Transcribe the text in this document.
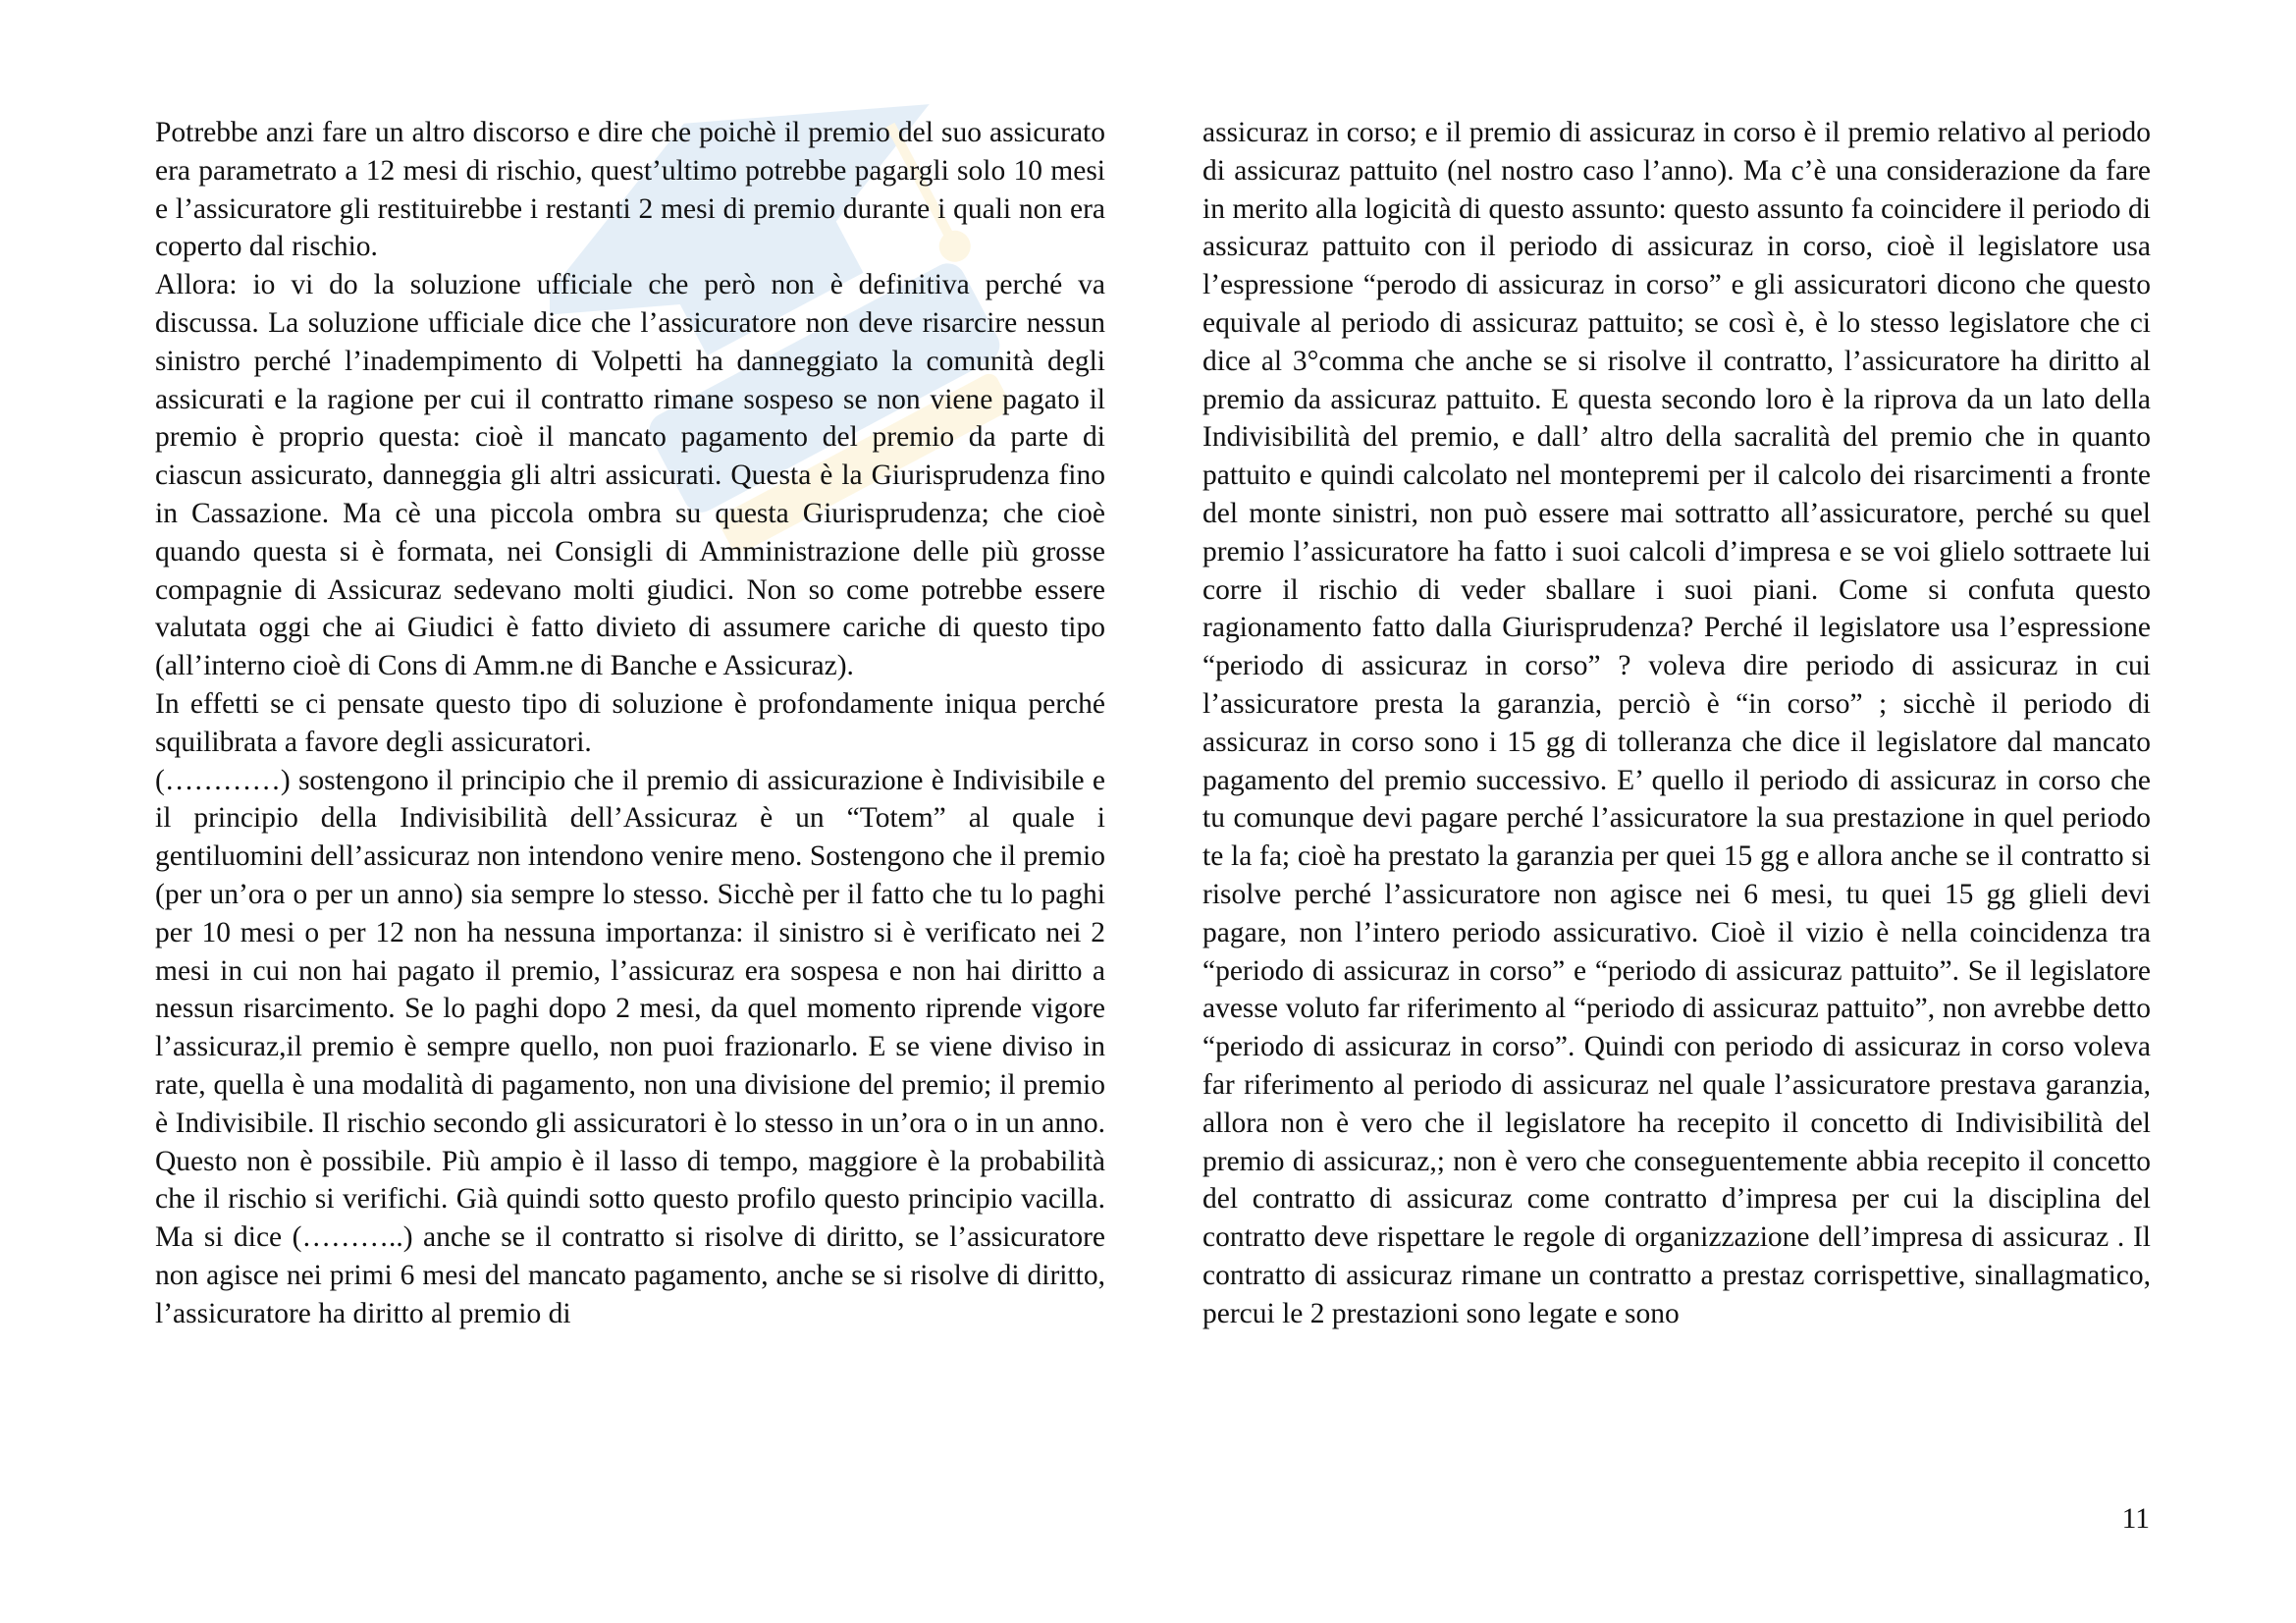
Potrebbe anzi fare un altro discorso e dire che poichè il premio del suo assicurato era parametrato a 12 mesi di rischio, quest’ultimo potrebbe pagargli solo 10 mesi e l’assicuratore gli restituirebbe i restanti 2 mesi di premio durante i quali non era coperto dal rischio.

Allora: io vi do la soluzione ufficiale che però non è definitiva perché va discussa. La soluzione ufficiale dice che l’assicuratore non deve risarcire nessun sinistro perché l’inadempimento di Volpetti ha danneggiato la comunità degli assicurati e la ragione per cui il contratto rimane sospeso se non viene pagato il premio è proprio questa: cioè il mancato pagamento del premio da parte di ciascun assicurato, danneggia gli altri assicurati. Questa è la Giurisprudenza fino in Cassazione. Ma cè una piccola ombra su questa Giurisprudenza; che cioè quando questa si è formata, nei Consigli di Amministrazione delle più grosse compagnie di Assicuraz sedevano molti giudici. Non so come potrebbe essere valutata oggi che ai Giudici è fatto divieto di assumere cariche di questo tipo (all’interno cioè di Cons di Amm.ne di Banche e Assicuraz).

In effetti se ci pensate questo tipo di soluzione è profondamente iniqua perché squilibrata a favore degli assicuratori.

(…………) sostengono il principio che il premio di assicurazione è Indivisibile e il principio della Indivisibilità dell’Assicuraz è un “Totem” al quale i gentiluomini dell’assicuraz non intendono venire meno. Sostengono che il premio (per un’ora o per un anno) sia sempre lo stesso. Sicchè per il fatto che tu lo paghi per 10 mesi o per 12 non ha nessuna importanza: il sinistro si è verificato nei 2 mesi in cui non hai pagato il premio, l’assicuraz era sospesa e non hai diritto a nessun risarcimento. Se lo paghi dopo 2 mesi, da quel momento riprende vigore l’assicuraz,il premio è sempre quello, non puoi frazionarlo. E se viene diviso in rate, quella è una modalità di pagamento, non una divisione del premio; il premio è Indivisibile. Il rischio secondo gli assicuratori è lo stesso in un’ora o in un anno. Questo non è possibile. Più ampio è il lasso di tempo, maggiore è la probabilità che il rischio si verifichi. Già quindi sotto questo profilo questo principio vacilla. Ma si dice (………..) anche se il contratto si risolve di diritto, se l’assicuratore non agisce nei primi 6 mesi del mancato pagamento, anche se si risolve di diritto, l’assicuratore ha diritto al premio di

assicuraz in corso; e il premio di assicuraz in corso è il premio relativo al periodo di assicuraz pattuito (nel nostro caso l’anno). Ma c’è una considerazione da fare in merito alla logicità di questo assunto: questo assunto fa coincidere il periodo di assicuraz pattuito con il periodo di assicuraz in corso, cioè il legislatore usa l’espressione “perodo di assicuraz in corso” e gli assicuratori dicono che questo equivale al periodo di assicuraz pattuito; se così è, è lo stesso legislatore che ci dice al 3°comma che anche se si risolve il contratto, l’assicuratore ha diritto al premio da assicuraz pattuito. E questa secondo loro è la riprova da un lato della Indivisibilità del premio, e dall’ altro della sacralità del premio che in quanto pattuito e quindi calcolato nel montepremi per il calcolo dei risarcimenti a fronte del monte sinistri, non può essere mai sottratto all’assicuratore, perché su quel premio l’assicuratore ha fatto i suoi calcoli d’impresa e se voi glielo sottraete lui corre il rischio di veder sballare i suoi piani. Come si confuta questo ragionamento fatto dalla Giurisprudenza? Perché il legislatore usa l’espressione “periodo di assicuraz in corso” ? voleva dire periodo di assicuraz in cui l’assicuratore presta la garanzia, perciò è “in corso” ; sicchè il periodo di assicuraz in corso sono i 15 gg di tolleranza che dice il legislatore dal mancato pagamento del premio successivo. E’ quello il periodo di assicuraz in corso che tu comunque devi pagare perché l’assicuratore la sua prestazione in quel periodo te la fa; cioè ha prestato la garanzia per quei 15 gg e allora anche se il contratto si risolve perché l’assicuratore non agisce nei 6 mesi, tu quei 15 gg glieli devi pagare, non l’intero periodo assicurativo. Cioè il vizio è nella coincidenza tra “periodo di assicuraz in corso” e “periodo di assicuraz pattuito”. Se il legislatore avesse voluto far riferimento al “periodo di assicuraz pattuito”, non avrebbe detto “periodo di assicuraz in corso”. Quindi con periodo di assicuraz in corso voleva far riferimento al periodo di assicuraz nel quale l’assicuratore prestava garanzia, allora non è vero che il legislatore ha recepito il concetto di Indivisibilità del premio di assicuraz,; non è vero che conseguentemente abbia recepito il concetto del contratto di assicuraz come contratto d’impresa per cui la disciplina del contratto deve rispettare le regole di organizzazione dell’impresa di assicuraz . Il contratto di assicuraz rimane un contratto a prestaz corrispettive, sinallagmatico, percui le 2 prestazioni sono legate e sono

11
